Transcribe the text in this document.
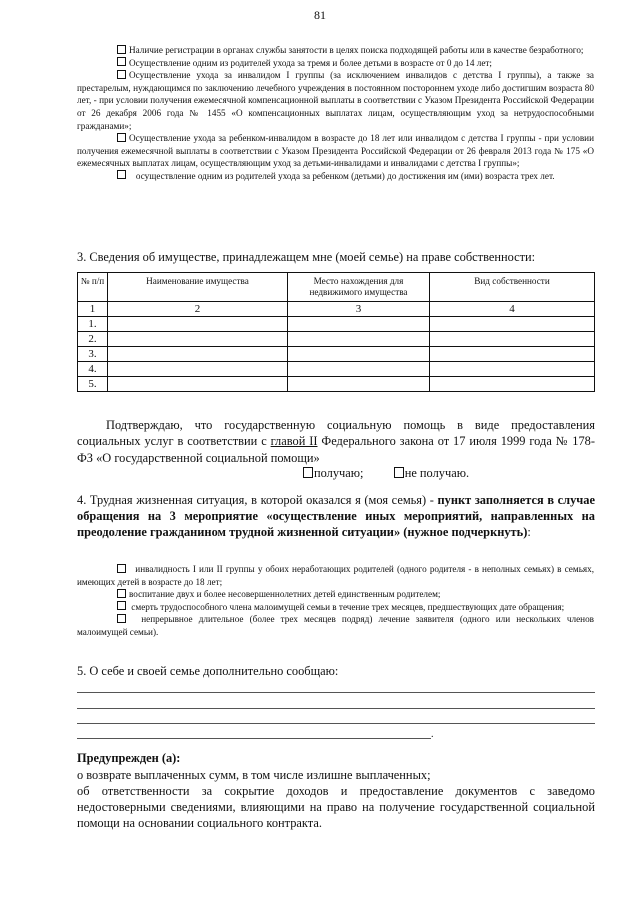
81

Наличие регистрации в органах службы занятости в целях поиска подходящей работы или в качестве безработного;

Осуществление одним из родителей ухода за тремя и более детьми в возрасте от 0 до 14 лет;

Осуществление ухода за инвалидом I группы (за исключением инвалидов с детства I группы), а также за престарелым, нуждающимся по заключению лечебного учреждения в постоянном постороннем уходе либо достигшим возраста 80 лет, - при условии получения ежемесячной компенсационной выплаты в соответствии с Указом Президента Российской Федерации от 26 декабря 2006 года № 1455 «О компенсационных выплатах лицам, осуществляющим уход за нетрудоспособными гражданами»;

Осуществление ухода за ребенком-инвалидом в возрасте до 18 лет или инвалидом с детства I группы - при условии получения ежемесячной выплаты в соответствии с Указом Президента Российской Федерации от 26 февраля 2013 года № 175 «О ежемесячных выплатах лицам, осуществляющим уход за детьми-инвалидами и инвалидами с детства I группы»;

осуществление одним из родителей ухода за ребенком (детьми) до достижения им (ими) возраста трех лет.

3. Сведения об имуществе, принадлежащем мне (моей семье) на праве собственности:

№ п/п	Наименование имущества	Место нахождения для недвижимого имущества	Вид собственности
1	2	3	4
1.			
2.			
3.			
4.			
5.			

Подтверждаю, что государственную социальную помощь в виде предоставления социальных услуг в соответствии с главой II Федерального закона от 17 июля 1999 года № 178-ФЗ «О государственной социальной помощи»

получаю;	не получаю.

4. Трудная жизненная ситуация, в которой оказался я (моя семья) - пункт заполняется в случае обращения на 3 мероприятие «осуществление иных мероприятий, направленных на преодоление гражданином трудной жизненной ситуации» (нужное подчеркнуть):

инвалидность I или II группы у обоих неработающих родителей (одного родителя - в неполных семьях) в семьях, имеющих детей в возрасте до 18 лет;

воспитание двух и более несовершеннолетних детей единственным родителем;

смерть трудоспособного члена малоимущей семьи в течение трех месяцев, предшествующих дате обращения;

непрерывное длительное (более трех месяцев подряд) лечение заявителя (одного или нескольких членов малоимущей семьи).

5. О себе и своей семье дополнительно сообщаю:

.

Предупрежден (а):

о возврате выплаченных сумм, в том числе излишне выплаченных;
об ответственности за сокрытие доходов и предоставление документов с заведомо недостоверными сведениями, влияющими на право на получение государственной социальной помощи на основании социального контракта.
